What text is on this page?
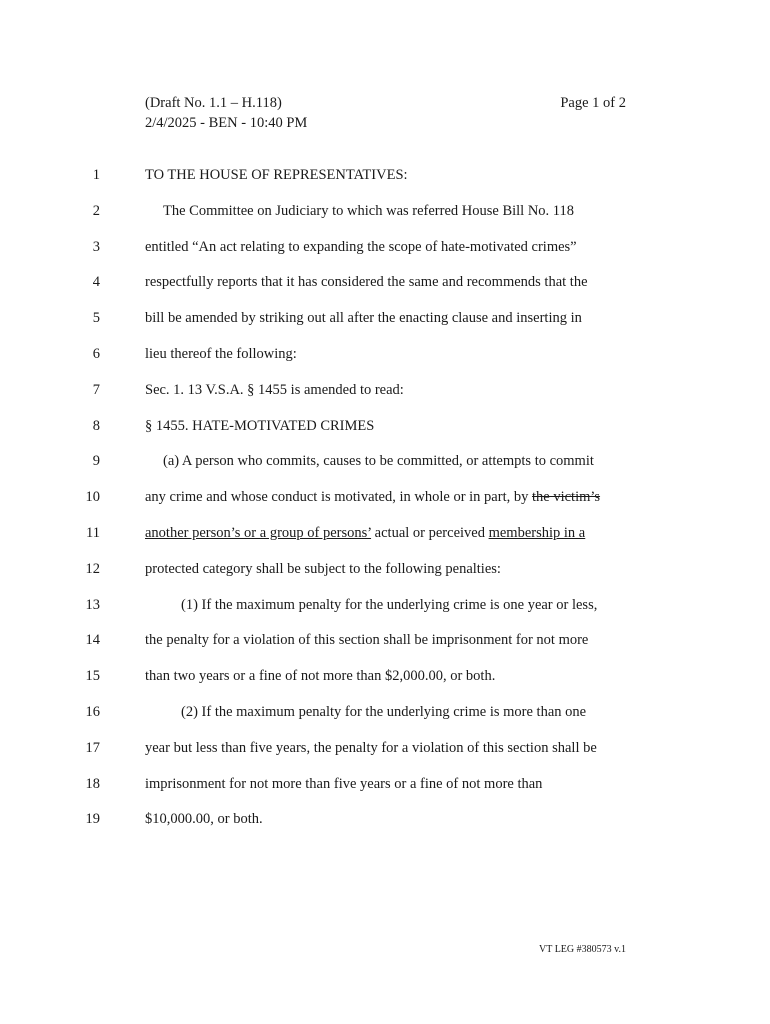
(Draft No. 1.1 – H.118)
2/4/2025 - BEN - 10:40 PM
Page 1 of 2
1	TO THE HOUSE OF REPRESENTATIVES:
2	The Committee on Judiciary to which was referred House Bill No. 118
3	entitled “An act relating to expanding the scope of hate-motivated crimes”
4	respectfully reports that it has considered the same and recommends that the
5	bill be amended by striking out all after the enacting clause and inserting in
6	lieu thereof the following:
7	Sec. 1. 13 V.S.A. § 1455 is amended to read:
8	§ 1455. HATE-MOTIVATED CRIMES
9	(a) A person who commits, causes to be committed, or attempts to commit
10	any crime and whose conduct is motivated, in whole or in part, by the victim’s
11	another person’s or a group of persons’ actual or perceived membership in a
12	protected category shall be subject to the following penalties:
13	(1) If the maximum penalty for the underlying crime is one year or less,
14	the penalty for a violation of this section shall be imprisonment for not more
15	than two years or a fine of not more than $2,000.00, or both.
16	(2) If the maximum penalty for the underlying crime is more than one
17	year but less than five years, the penalty for a violation of this section shall be
18	imprisonment for not more than five years or a fine of not more than
19	$10,000.00, or both.
VT LEG #380573 v.1
